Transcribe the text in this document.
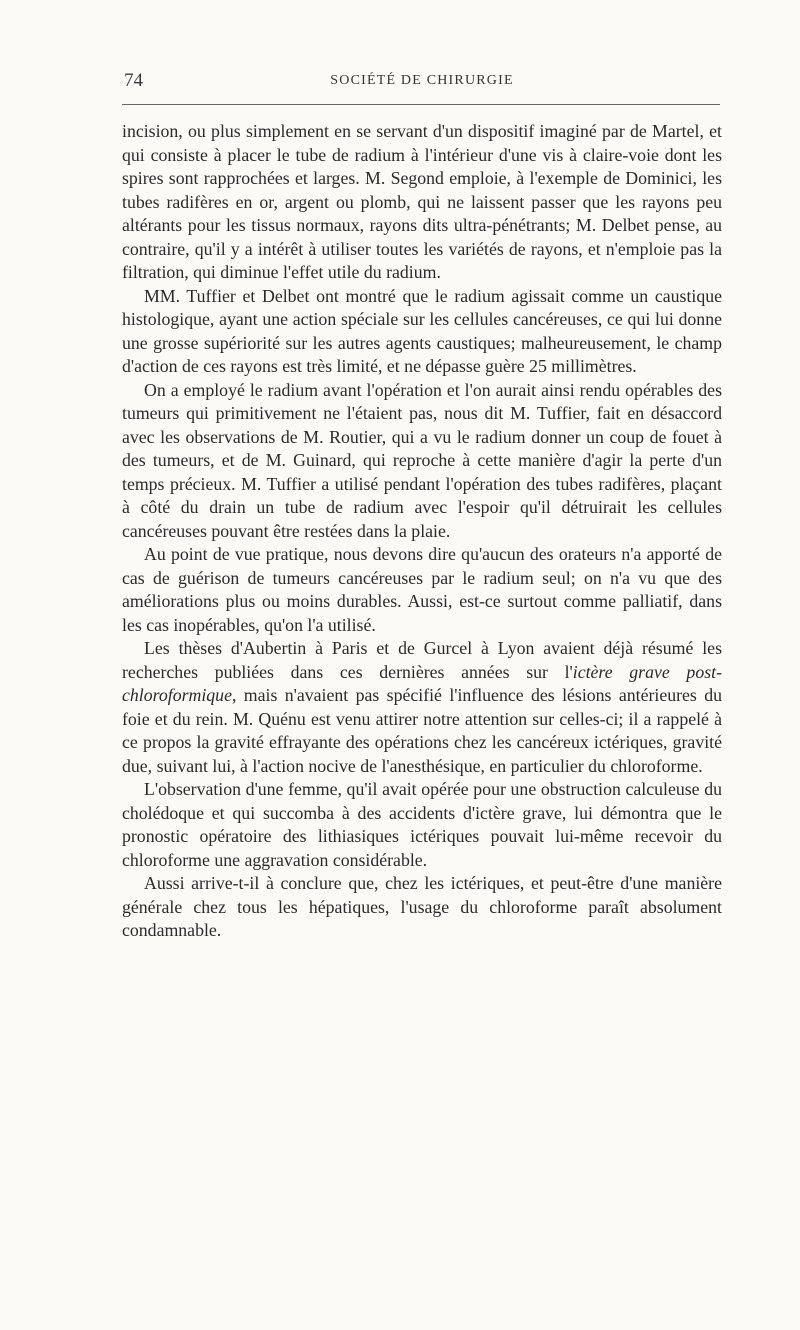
74	SOCIÉTÉ DE CHIRURGIE

incision, ou plus simplement en se servant d'un dispositif imaginé par de Martel, et qui consiste à placer le tube de radium à l'intérieur d'une vis à claire-voie dont les spires sont rapprochées et larges. M. Segond emploie, à l'exemple de Dominici, les tubes radifères en or, argent ou plomb, qui ne laissent passer que les rayons peu altérants pour les tissus normaux, rayons dits ultra-pénétrants; M. Delbet pense, au contraire, qu'il y a intérêt à utiliser toutes les variétés de rayons, et n'emploie pas la filtration, qui diminue l'effet utile du radium.

MM. Tuffier et Delbet ont montré que le radium agissait comme un caustique histologique, ayant une action spéciale sur les cellules cancéreuses, ce qui lui donne une grosse supériorité sur les autres agents caustiques; malheureusement, le champ d'action de ces rayons est très limité, et ne dépasse guère 25 millimètres.

On a employé le radium avant l'opération et l'on aurait ainsi rendu opérables des tumeurs qui primitivement ne l'étaient pas, nous dit M. Tuffier, fait en désaccord avec les observations de M. Routier, qui a vu le radium donner un coup de fouet à des tumeurs, et de M. Guinard, qui reproche à cette manière d'agir la perte d'un temps précieux. M. Tuffier a utilisé pendant l'opération des tubes radifères, plaçant à côté du drain un tube de radium avec l'espoir qu'il détruirait les cellules cancéreuses pouvant être restées dans la plaie.

Au point de vue pratique, nous devons dire qu'aucun des orateurs n'a apporté de cas de guérison de tumeurs cancéreuses par le radium seul; on n'a vu que des améliorations plus ou moins durables. Aussi, est-ce surtout comme palliatif, dans les cas inopérables, qu'on l'a utilisé.

Les thèses d'Aubertin à Paris et de Gurcel à Lyon avaient déjà résumé les recherches publiées dans ces dernières années sur l'ictère grave post-chloroformique, mais n'avaient pas spécifié l'influence des lésions antérieures du foie et du rein. M. Quénu est venu attirer notre attention sur celles-ci; il a rappelé à ce propos la gravité effrayante des opérations chez les cancéreux ictériques, gravité due, suivant lui, à l'action nocive de l'anesthésique, en particulier du chloroforme.

L'observation d'une femme, qu'il avait opérée pour une obstruction calculeuse du cholédoque et qui succomba à des accidents d'ictère grave, lui démontra que le pronostic opératoire des lithiasiques ictériques pouvait lui-même recevoir du chloroforme une aggravation considérable.

Aussi arrive-t-il à conclure que, chez les ictériques, et peut-être d'une manière générale chez tous les hépatiques, l'usage du chloroforme paraît absolument condamnable.
